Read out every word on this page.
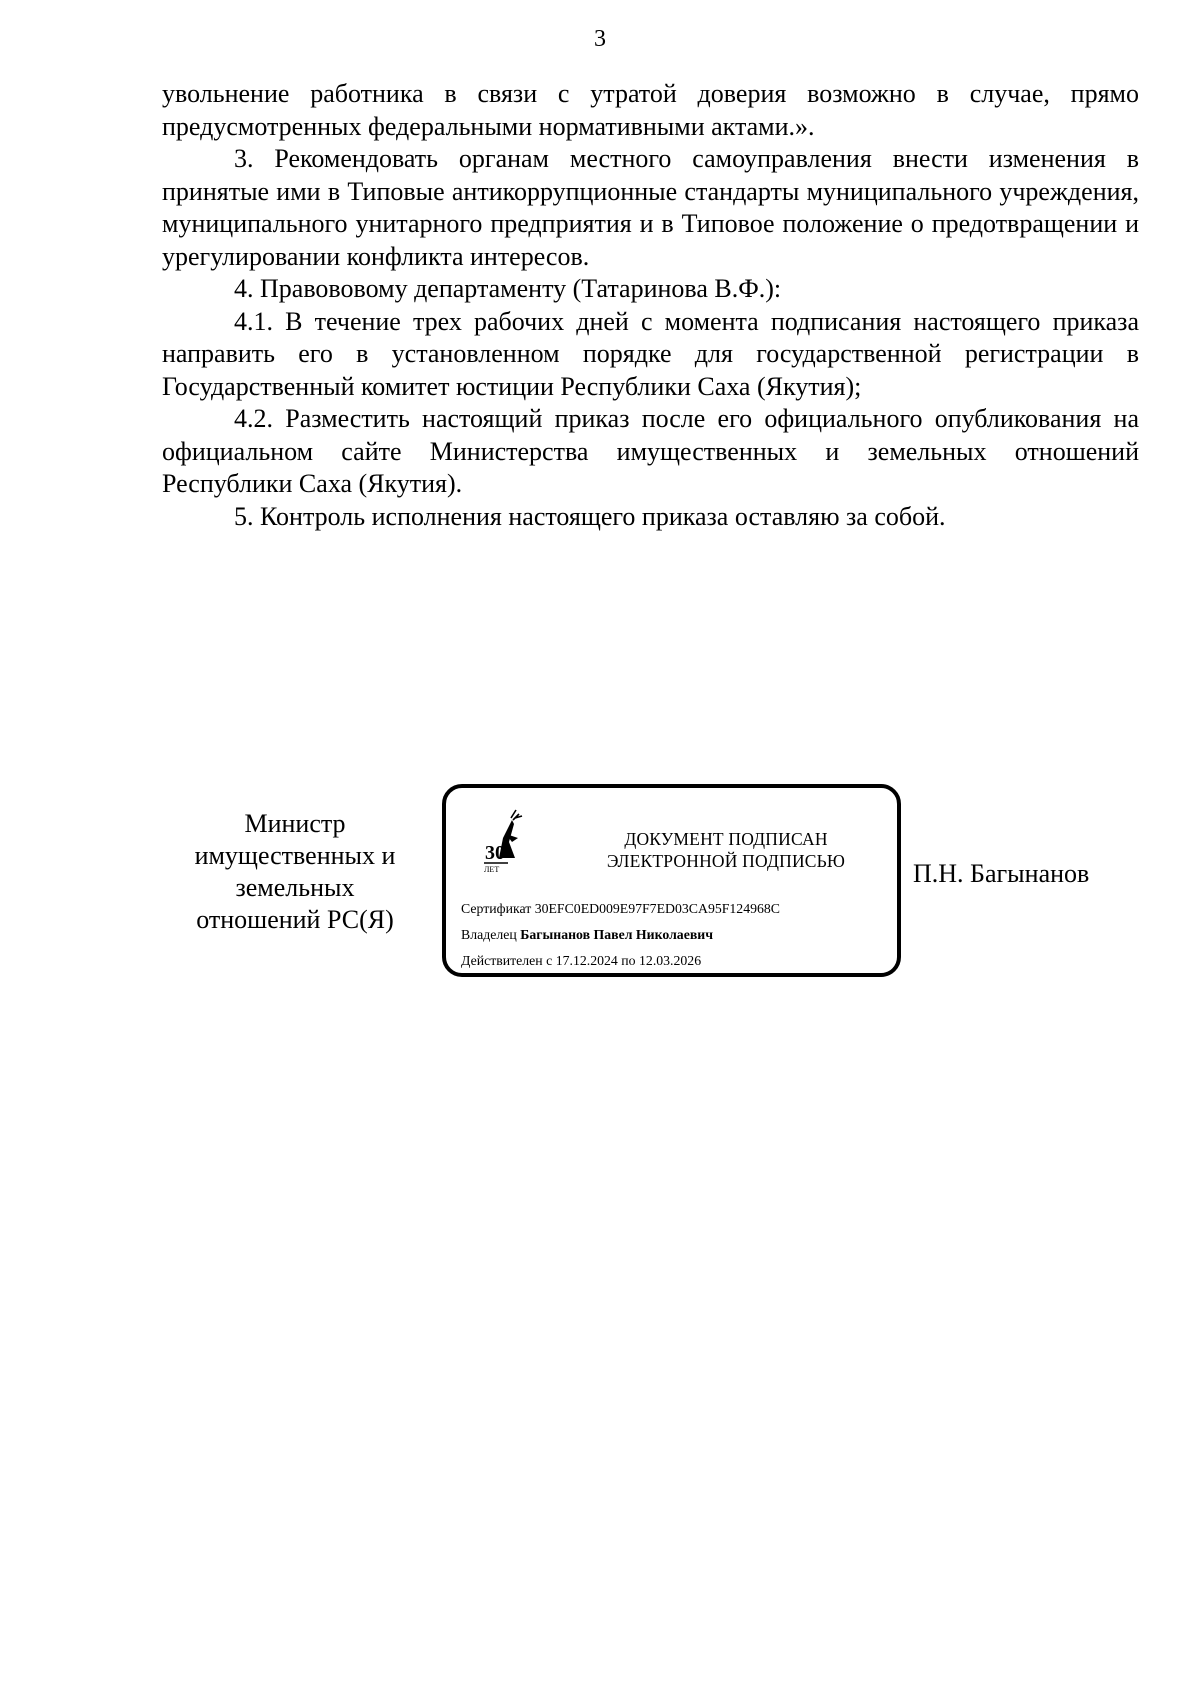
3

увольнение работника в связи с утратой доверия возможно в случае, прямо предусмотренных федеральными нормативными актами.».

3. Рекомендовать органам местного самоуправления внести изменения в принятые ими в Типовые антикоррупционные стандарты муниципального учреждения, муниципального унитарного предприятия и в Типовое положение о предотвращении и урегулировании конфликта интересов.

4. Правововому департаменту (Татаринова В.Ф.):

4.1. В течение трех рабочих дней с момента подписания настоящего приказа направить его в установленном порядке для государственной регистрации в Государственный комитет юстиции Республики Саха (Якутия);

4.2. Разместить настоящий приказ после его официального опубликования на официальном сайте Министерства имущественных и земельных отношений Республики Саха (Якутия).

5. Контроль исполнения настоящего приказа оставляю за собой.

Министр
имущественных и
земельных
отношений РС(Я)
30
ЛЕТ
ДОКУМЕНТ ПОДПИСАН
ЭЛЕКТРОННОЙ ПОДПИСЬЮ
Сертификат 30EFC0ED009E97F7ED03CA95F124968C
Владелец Багынанов Павел Николаевич
Действителен с 17.12.2024 по 12.03.2026
П.Н. Багынанов
